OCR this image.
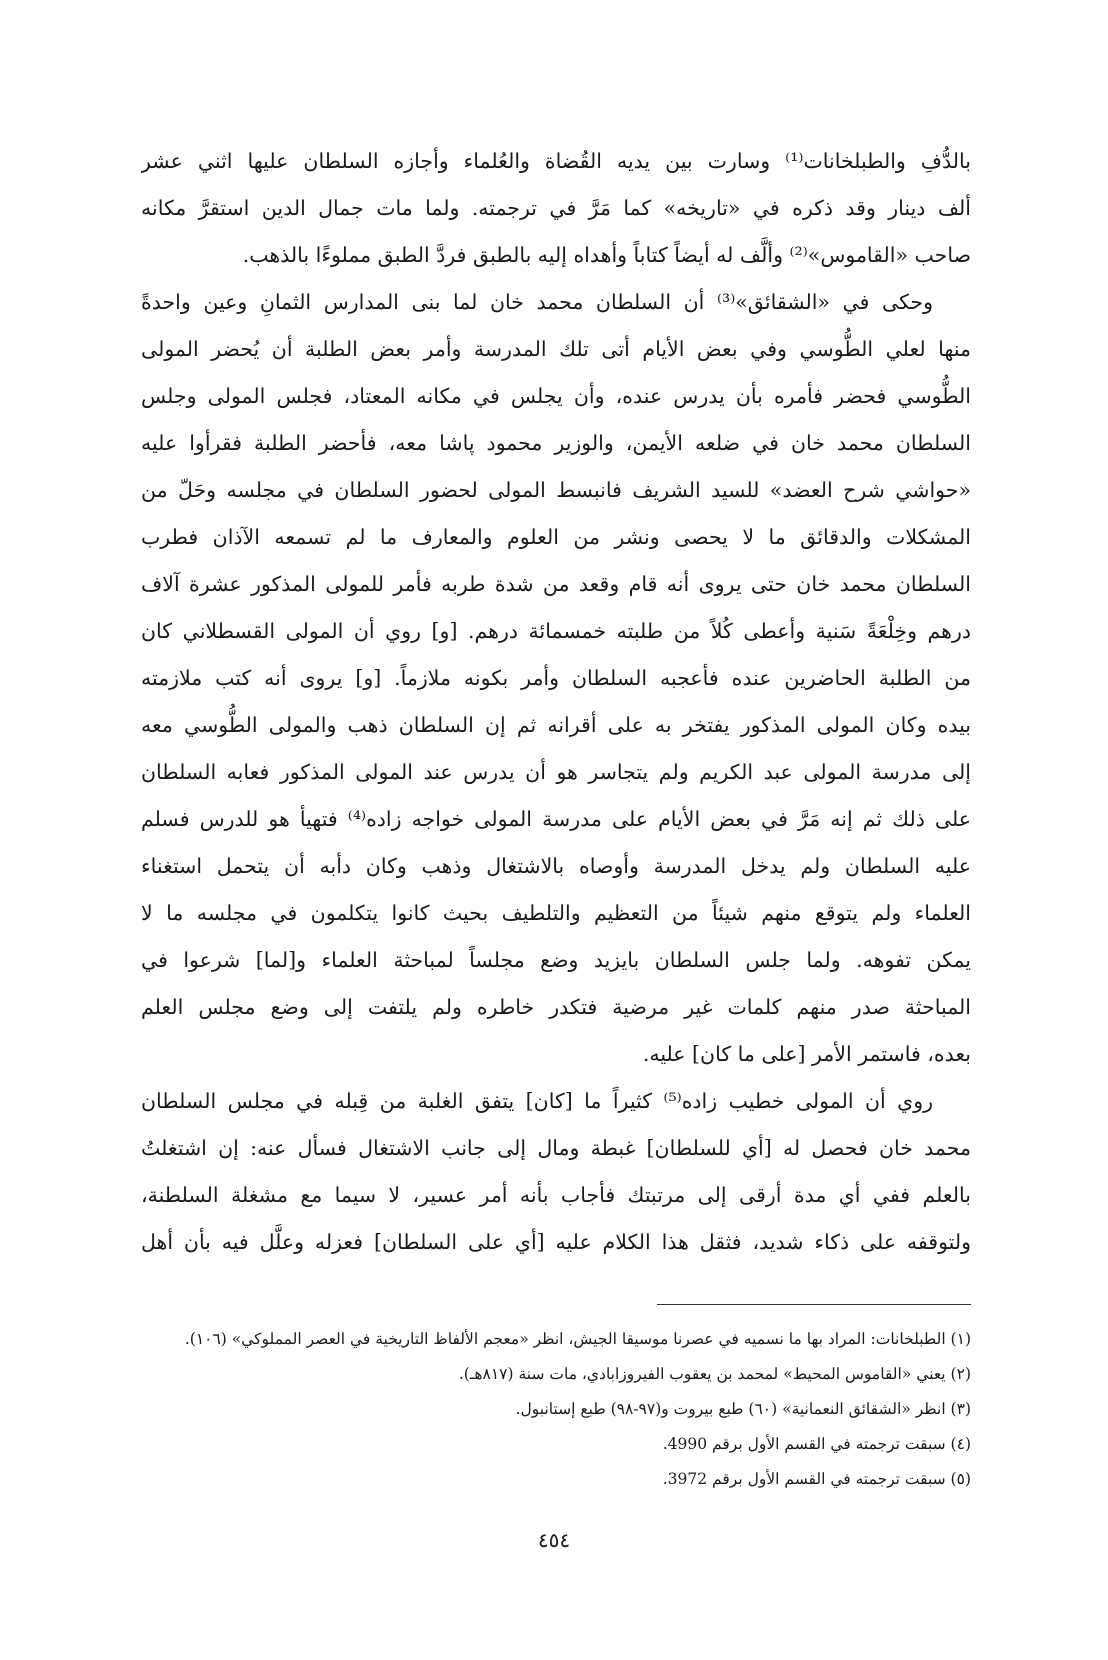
بالدُّفِ والطبلخانات⁽¹⁾ وسارت بين يديه القُضاة والعُلماء وأجازه السلطان عليها اثني عشر
ألف دينار وقد ذكره في «تاريخه» كما مَرَّ في ترجمته. ولما مات جمال الدين استقرَّ مكانه
صاحب «القاموس»⁽²⁾ وألَّف له أيضاً كتاباً وأهداه إليه بالطبق فردَّ الطبق مملوءًا بالذهب.
وحكى في «الشقائق»⁽³⁾ أن السلطان محمد خان لما بنى المدارس الثمانِ وعين واحدةً
منها لعلي الطُّوسي وفي بعض الأيام أتى تلك المدرسة وأمر بعض الطلبة أن يُحضر المولى
الطُّوسي فحضر فأمره بأن يدرس عنده، وأن يجلس في مكانه المعتاد، فجلس المولى وجلس
السلطان محمد خان في ضلعه الأيمن، والوزير محمود پاشا معه، فأحضر الطلبة فقرأوا عليه
«حواشي شرح العضد» للسيد الشريف فانبسط المولى لحضور السلطان في مجلسه وحَلّ من
المشكلات والدقائق ما لا يحصى ونشر من العلوم والمعارف ما لم تسمعه الآذان فطرب
السلطان محمد خان حتى يروى أنه قام وقعد من شدة طربه فأمر للمولى المذكور عشرة آلاف
درهم وخِلْعَةً سَنية وأعطى كُلاً من طلبته خمسمائة درهم. [و] روي أن المولى القسطلاني كان
من الطلبة الحاضرين عنده فأعجبه السلطان وأمر بكونه ملازماً. [و] يروى أنه كتب ملازمته
بيده وكان المولى المذكور يفتخر به على أقرانه ثم إن السلطان ذهب والمولى الطُّوسي معه
إلى مدرسة المولى عبد الكريم ولم يتجاسر هو أن يدرس عند المولى المذكور فعابه السلطان
على ذلك ثم إنه مَرَّ في بعض الأيام على مدرسة المولى خواجه زاده⁽⁴⁾ فتهيأ هو للدرس فسلم
عليه السلطان ولم يدخل المدرسة وأوصاه بالاشتغال وذهب وكان دأبه أن يتحمل استغناء
العلماء ولم يتوقع منهم شيئاً من التعظيم والتلطيف بحيث كانوا يتكلمون في مجلسه ما لا
يمكن تفوهه. ولما جلس السلطان بايزيد وضع مجلساً لمباحثة العلماء و[لما] شرعوا في
المباحثة صدر منهم كلمات غير مرضية فتكدر خاطره ولم يلتفت إلى وضع مجلس العلم
بعده، فاستمر الأمر [على ما كان] عليه.
روي أن المولى خطيب زاده⁽⁵⁾ كثيراً ما [كان] يتفق الغلبة من قِبله في مجلس السلطان
محمد خان فحصل له [أي للسلطان] غبطة ومال إلى جانب الاشتغال فسأل عنه: إن اشتغلتُ
بالعلم ففي أي مدة أرقى إلى مرتبتك فأجاب بأنه أمر عسير، لا سيما مع مشغلة السلطنة،
ولتوقفه على ذكاء شديد، فثقل هذا الكلام عليه [أي على السلطان] فعزله وعلَّل فيه بأن أهل
(١) الطبلخانات: المراد بها ما نسميه في عصرنا موسيقا الجيش، انظر «معجم الألفاظ التاريخية في العصر المملوكي» (١٠٦).
(٢) يعني «القاموس المحيط» لمحمد بن يعقوب الفيروزابادي، مات سنة (٨١٧هـ).
(٣) انظر «الشقائق النعمانية» (٦٠) طبع بيروت و(٩٧-٩٨) طبع إستانبول.
(٤) سبقت ترجمته في القسم الأول برقم 4990.
(٥) سبقت ترجمته في القسم الأول برقم 3972.
٤٥٤
